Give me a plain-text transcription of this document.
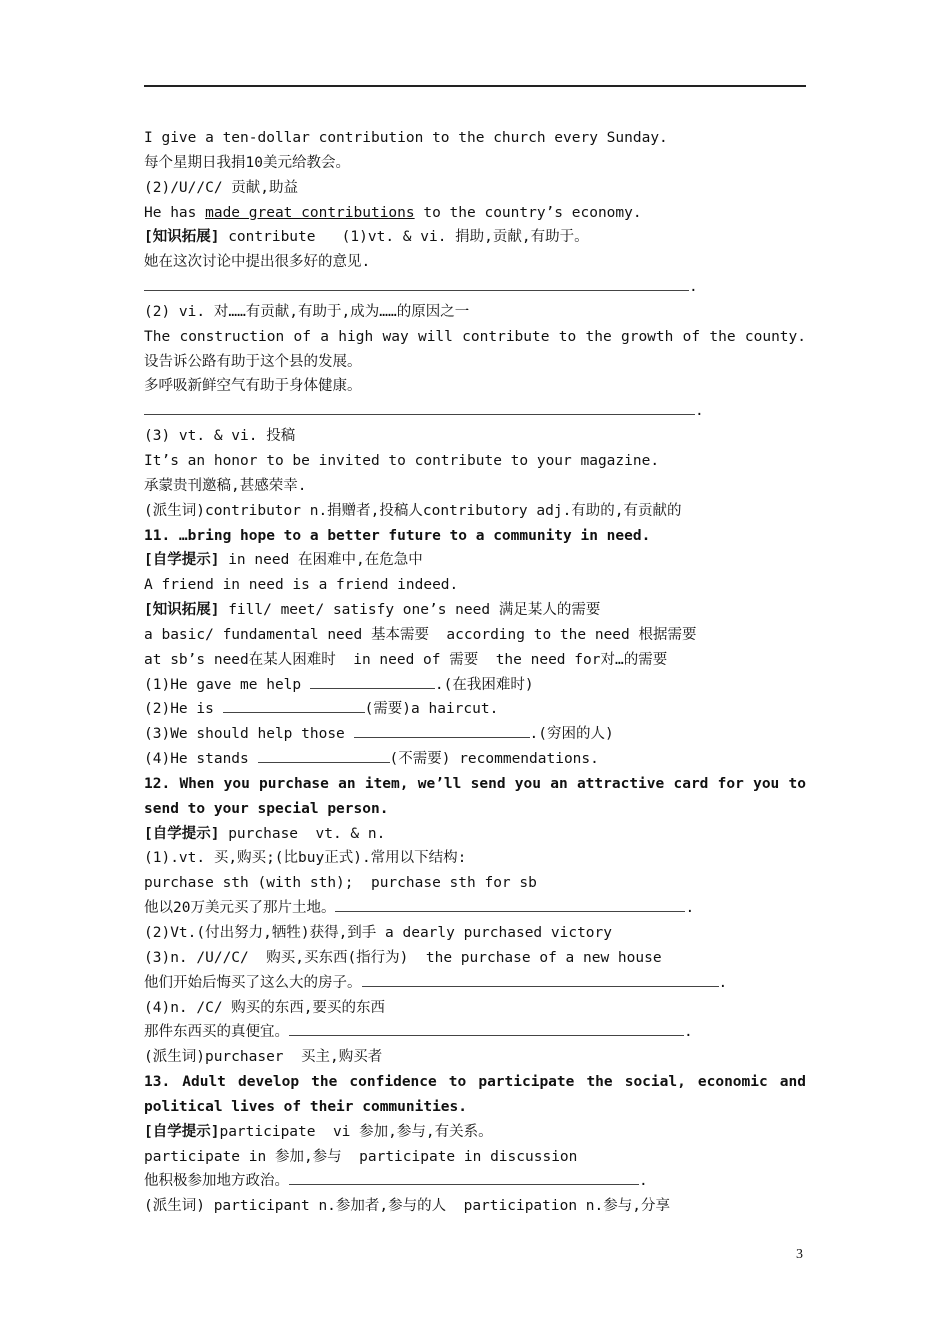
I give a ten-dollar contribution to the church every Sunday.
每个星期日我捐10美元给教会。
(2)/U//C/ 贡献,助益
He has made great contributions to the country’s economy.
[知识拓展] contribute   (1)vt. & vi. 捐助,贡献,有助于。
她在这次讨论中提出很多好的意见.
.
(2) vi. 对……有贡献,有助于,成为……的原因之一
The construction of a high way will contribute to the growth of the county.
设告诉公路有助于这个县的发展。
多呼吸新鲜空气有助于身体健康。
.
(3) vt. & vi. 投稿
It’s an honor to be invited to contribute to your magazine.
承蒙贵刊邀稿,甚感荣幸.
(派生词)contributor n.捐赠者,投稿人contributory adj.有助的,有贡献的
11. …bring hope to a better future to a community in need.
[自学提示] in need 在困难中,在危急中
A friend in need is a friend indeed.
[知识拓展] fill/ meet/ satisfy one’s need 满足某人的需要
a basic/ fundamental need 基本需要  according to the need 根据需要
at sb’s need在某人困难时  in need of 需要  the need for对…的需要
(1)He gave me help	.(在我困难时)
(2)He is	(需要)a haircut.
(3)We should help those	.(穷困的人)
(4)He stands	(不需要) recommendations.
12. When you purchase an item, we’ll send you an attractive card for you to
send to your special person.
[自学提示] purchase  vt. & n.
(1).vt. 买,购买;(比buy正式).常用以下结构:
purchase sth (with sth);  purchase sth for sb
他以20万美元买了那片土地。	.
(2)Vt.(付出努力,牺牲)获得,到手 a dearly purchased victory
(3)n. /U//C/  购买,买东西(指行为)  the purchase of a new house
他们开始后悔买了这么大的房子。	.
(4)n. /C/ 购买的东西,要买的东西
那件东西买的真便宜。	.
(派生词)purchaser  买主,购买者
13. Adult develop the confidence to participate the social, economic and
political lives of their communities.
[自学提示]participate  vi 参加,参与,有关系。
participate in 参加,参与  participate in discussion
他积极参加地方政治。	.
(派生词) participant n.参加者,参与的人  participation n.参与,分享
3
